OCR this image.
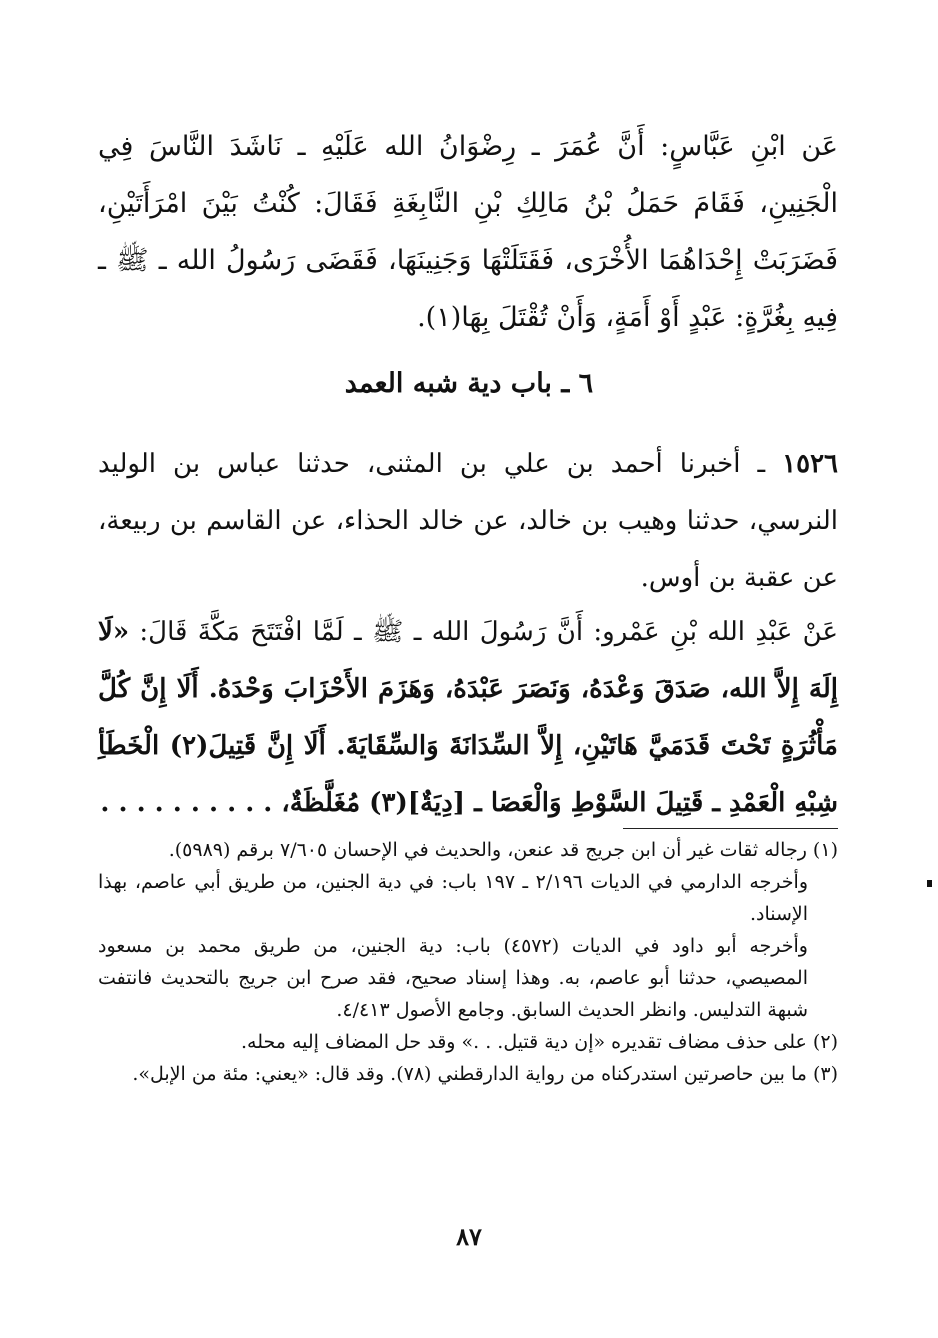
عَن ابْنِ عَبَّاسٍ: أَنَّ عُمَرَ ـ رِضْوَانُ الله عَلَيْهِ ـ نَاشَدَ النَّاسَ فِي الْجَنِينِ، فَقَامَ حَمَلُ بْنُ مَالِكِ بْنِ النَّابِغَةِ فَقَالَ: كُنْتُ بَيْنَ امْرَأَتَيْنِ، فَضَرَبَتْ إِحْدَاهُمَا الأُخْرَى، فَقَتَلَتْهَا وَجَنِينَهَا، فَقَضَى رَسُولُ الله ـ ﷺ ـ فِيهِ بِغُرَّةٍ: عَبْدٍ أَوْ أَمَةٍ، وَأَنْ تُقْتَلَ بِهَا(١).
٦ ـ باب دية شبه العمد
١٥٢٦ ـ أخبرنا أحمد بن علي بن المثنى، حدثنا عباس بن الوليد النرسي، حدثنا وهيب بن خالد، عن خالد الحذاء، عن القاسم بن ربيعة، عن عقبة بن أوس.
عَنْ عَبْدِ الله بْنِ عَمْرو: أَنَّ رَسُولَ الله ـ ﷺ ـ لَمَّا افْتَتَحَ مَكَّةَ قَالَ: «لَا إِلَهَ إِلاَّ الله، صَدَقَ وَعْدَهُ، وَنَصَرَ عَبْدَهُ، وَهَزَمَ الأَحْزَابَ وَحْدَهُ. أَلَا إِنَّ كُلَّ مَأْثُرَةٍ تَحْتَ قَدَمَيَّ هَاتَيْنِ، إِلاَّ السِّدَانَةَ وَالسِّقَايَةَ. أَلَا إِنَّ قَتِيلَ(٢) الْخَطَأِ شِبْهِ الْعَمْدِ ـ قَتِيلَ السَّوْطِ وَالْعَصَا ـ [دِيَةٌ](٣) مُغَلَّظَةٌ، . . . . . . . . . .

(١) رجاله ثقات غير أن ابن جريج قد عنعن، والحديث في الإحسان ٧/٦٠٥ برقم (٥٩٨٩).

وأخرجه الدارمي في الديات ٢/١٩٦ ـ ١٩٧ باب: في دية الجنين، من طريق أبي عاصم، بهذا الإسناد.

وأخرجه أبو داود في الديات (٤٥٧٢) باب: دية الجنين، من طريق محمد بن مسعود المصيصي، حدثنا أبو عاصم، به. وهذا إسناد صحيح، فقد صرح ابن جريج بالتحديث فانتفت شبهة التدليس. وانظر الحديث السابق. وجامع الأصول ٤/٤١٣.

(٢) على حذف مضاف تقديره «إن دية قتيل. . .» وقد حل المضاف إليه محله.

(٣) ما بين حاصرتين استدركناه من رواية الدارقطني (٧٨). وقد قال: «يعني: مئة من الإبل».

٨٧
